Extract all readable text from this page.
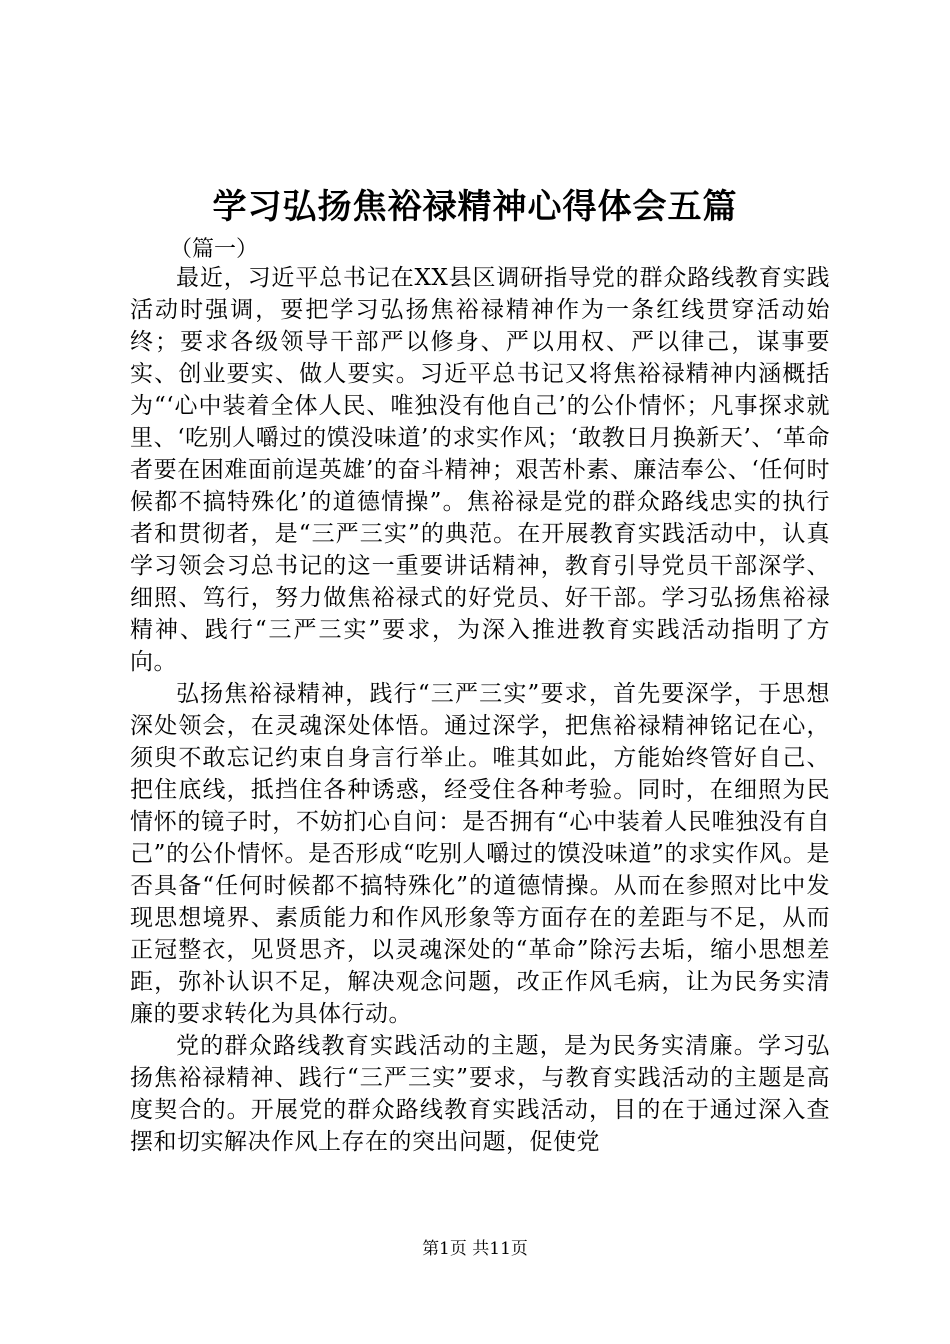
学习弘扬焦裕禄精神心得体会五篇
（篇一）

最近，习近平总书记在XX县区调研指导党的群众路线教育实践活动时强调，要把学习弘扬焦裕禄精神作为一条红线贯穿活动始终；要求各级领导干部严以修身、严以用权、严以律己，谋事要实、创业要实、做人要实。习近平总书记又将焦裕禄精神内涵概括为“‘心中装着全体人民、唯独没有他自己’的公仆情怀；凡事探求就里、‘吃别人嚼过的馍没味道’的求实作风；‘敢教日月换新天’、‘革命者要在困难面前逞英雄’的奋斗精神；艰苦朴素、廉洁奉公、‘任何时候都不搞特殊化’的道德情操”。焦裕禄是党的群众路线忠实的执行者和贯彻者，是“三严三实”的典范。在开展教育实践活动中，认真学习领会习总书记的这一重要讲话精神，教育引导党员干部深学、细照、笃行，努力做焦裕禄式的好党员、好干部。学习弘扬焦裕禄精神、践行“三严三实”要求，为深入推进教育实践活动指明了方向。

弘扬焦裕禄精神，践行“三严三实”要求，首先要深学，于思想深处领会，在灵魂深处体悟。通过深学，把焦裕禄精神铭记在心，须臾不敢忘记约束自身言行举止。唯其如此，方能始终管好自己、把住底线，抵挡住各种诱惑，经受住各种考验。同时，在细照为民情怀的镜子时，不妨扪心自问：是否拥有“心中装着人民唯独没有自己”的公仆情怀。是否形成“吃别人嚼过的馍没味道”的求实作风。是否具备“任何时候都不搞特殊化”的道德情操。从而在参照对比中发现思想境界、素质能力和作风形象等方面存在的差距与不足，从而正冠整衣，见贤思齐，以灵魂深处的“革命”除污去垢，缩小思想差距，弥补认识不足，解决观念问题，改正作风毛病，让为民务实清廉的要求转化为具体行动。

党的群众路线教育实践活动的主题，是为民务实清廉。学习弘扬焦裕禄精神、践行“三严三实”要求，与教育实践活动的主题是高度契合的。开展党的群众路线教育实践活动，目的在于通过深入查摆和切实解决作风上存在的突出问题，促使党

第1页 共11页
